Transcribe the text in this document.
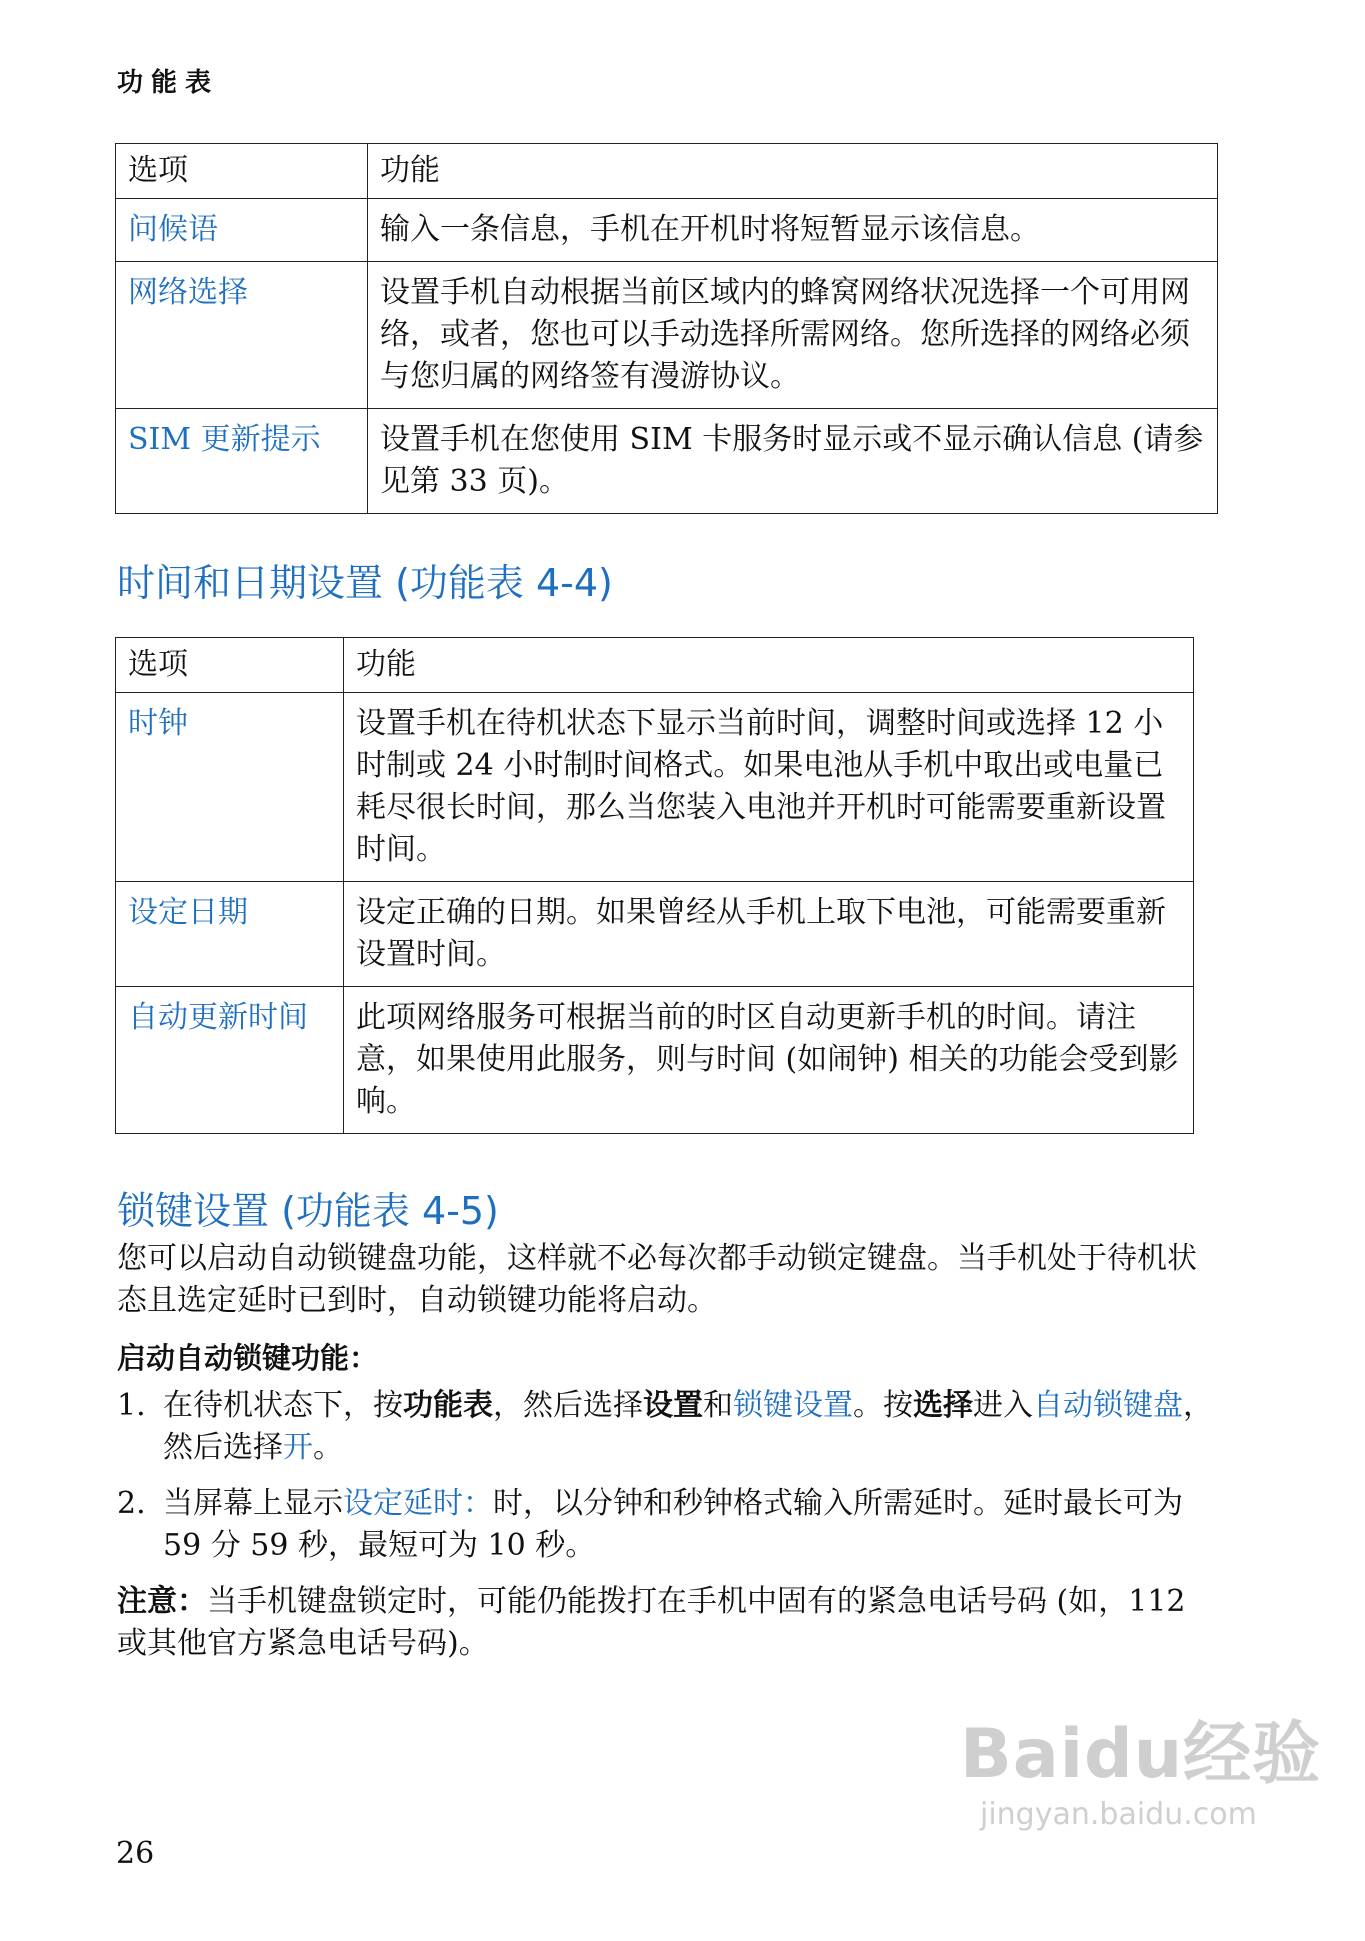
功能表
选项	功能
问候语	输入一条信息，手机在开机时将短暂显示该信息。
网络选择	设置手机自动根据当前区域内的蜂窝网络状况选择一个可用网络，或者，您也可以手动选择所需网络。您所选择的网络必须与您归属的网络签有漫游协议。
SIM 更新提示	设置手机在您使用 SIM 卡服务时显示或不显示确认信息 (请参见第 33 页)。
时间和日期设置 (功能表 4-4)
选项	功能
时钟	设置手机在待机状态下显示当前时间，调整时间或选择 12 小时制或 24 小时制时间格式。如果电池从手机中取出或电量已耗尽很长时间，那么当您装入电池并开机时可能需要重新设置时间。
设定日期	设定正确的日期。如果曾经从手机上取下电池，可能需要重新设置时间。
自动更新时间	此项网络服务可根据当前的时区自动更新手机的时间。请注意，如果使用此服务，则与时间 (如闹钟) 相关的功能会受到影响。
锁键设置 (功能表 4-5)
您可以启动自动锁键盘功能，这样就不必每次都手动锁定键盘。当手机处于待机状态且选定延时已到时，自动锁键功能将启动。
启动自动锁键功能：
1. 在待机状态下，按功能表，然后选择设置和锁键设置。按选择进入自动锁键盘，然后选择开。
2. 当屏幕上显示设定延时：时，以分钟和秒钟格式输入所需延时。延时最长可为 59 分 59 秒，最短可为 10 秒。
注意：当手机键盘锁定时，可能仍能拨打在手机中固有的紧急电话号码 (如，112 或其他官方紧急电话号码)。
Baidu经验
jingyan.baidu.com
26
